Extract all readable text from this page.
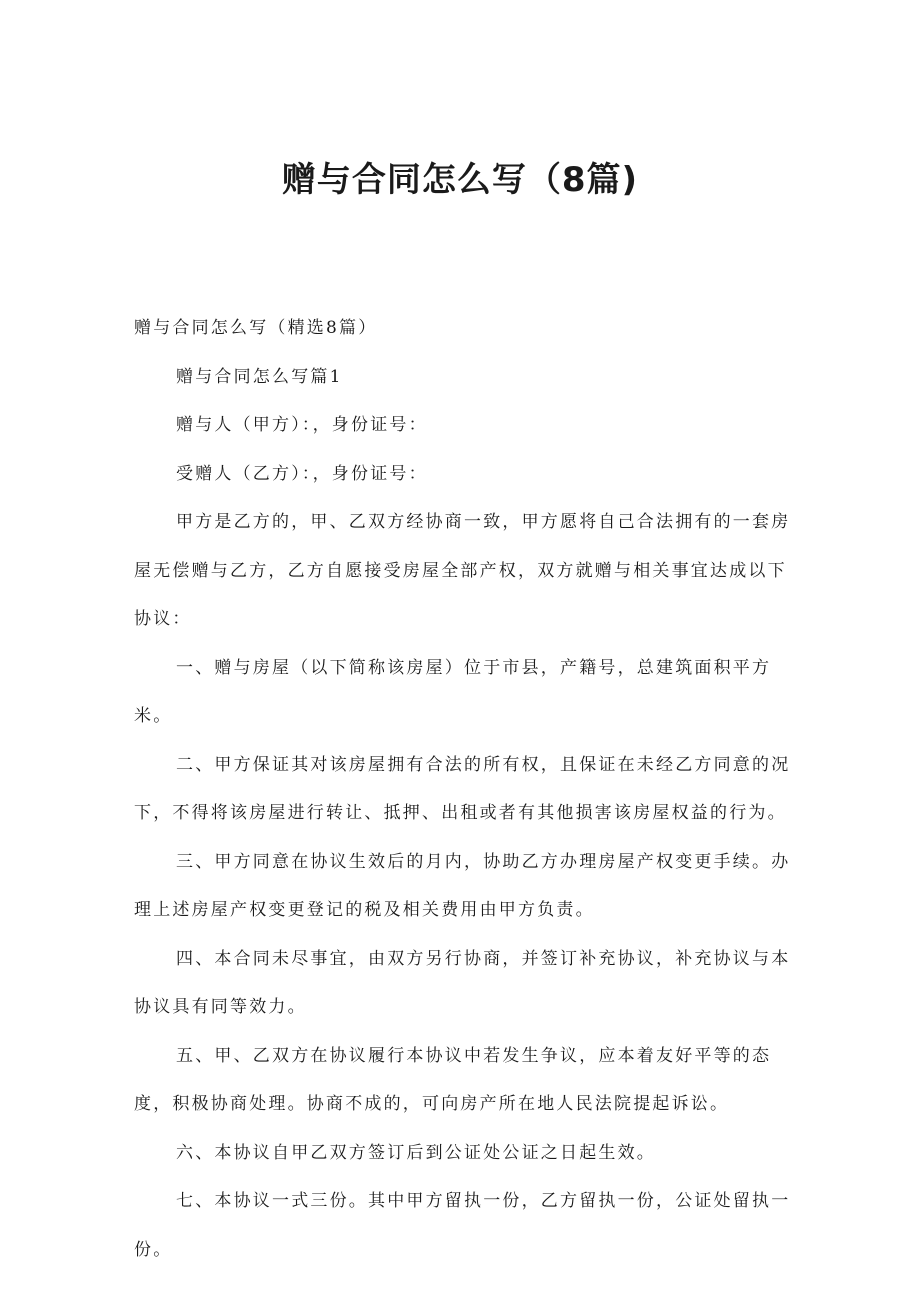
赠与合同怎么写（8篇)

赠与合同怎么写（精选8篇）

赠与合同怎么写篇1

赠与人（甲方）：，身份证号：

受赠人（乙方）：，身份证号：

甲方是乙方的，甲、乙双方经协商一致，甲方愿将自己合法拥有的一套房屋无偿赠与乙方，乙方自愿接受房屋全部产权，双方就赠与相关事宜达成以下协议：

一、赠与房屋（以下简称该房屋）位于市县，产籍号，总建筑面积平方米。

二、甲方保证其对该房屋拥有合法的所有权，且保证在未经乙方同意的况下，不得将该房屋进行转让、抵押、出租或者有其他损害该房屋权益的行为。

三、甲方同意在协议生效后的月内，协助乙方办理房屋产权变更手续。办理上述房屋产权变更登记的税及相关费用由甲方负责。

四、本合同未尽事宜，由双方另行协商，并签订补充协议，补充协议与本协议具有同等效力。

五、甲、乙双方在协议履行本协议中若发生争议，应本着友好平等的态度，积极协商处理。协商不成的，可向房产所在地人民法院提起诉讼。

六、本协议自甲乙双方签订后到公证处公证之日起生效。

七、本协议一式三份。其中甲方留执一份，乙方留执一份，公证处留执一份。
